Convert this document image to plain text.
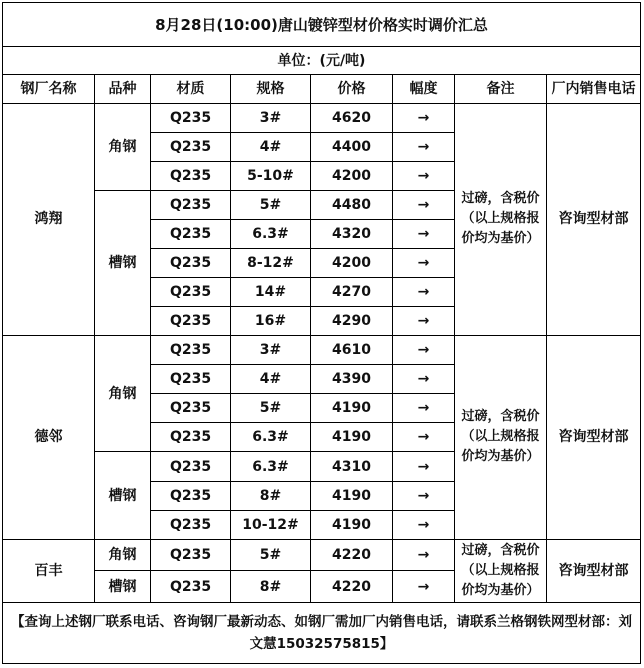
8月28日(10:00)唐山镀锌型材价格实时调价汇总							
单位：(元/吨)							
钢厂名称	品种	材质	规格	价格	幅度	备注	厂内销售电话
鸿翔	角钢	Q235	3#	4620	→	过磅，含税价（以上规格报价均为基价）	咨询型材部
		Q235	4#	4400	→		
		Q235	5-10#	4200	→		
	槽钢	Q235	5#	4480	→		
		Q235	6.3#	4320	→		
		Q235	8-12#	4200	→		
		Q235	14#	4270	→		
		Q235	16#	4290	→		
德邻	角钢	Q235	3#	4610	→	过磅，含税价（以上规格报价均为基价）	咨询型材部
		Q235	4#	4390	→		
		Q235	5#	4190	→		
		Q235	6.3#	4190	→		
	槽钢	Q235	6.3#	4310	→		
		Q235	8#	4190	→		
		Q235	10-12#	4190	→		
百丰	角钢	Q235	5#	4220	→	过磅，含税价（以上规格报价均为基价）	咨询型材部
	槽钢	Q235	8#	4220	→		
【查询上述钢厂联系电话、咨询钢厂最新动态、如钢厂需加厂内销售电话，请联系兰格钢铁网型材部：刘文慧15032575815】							
